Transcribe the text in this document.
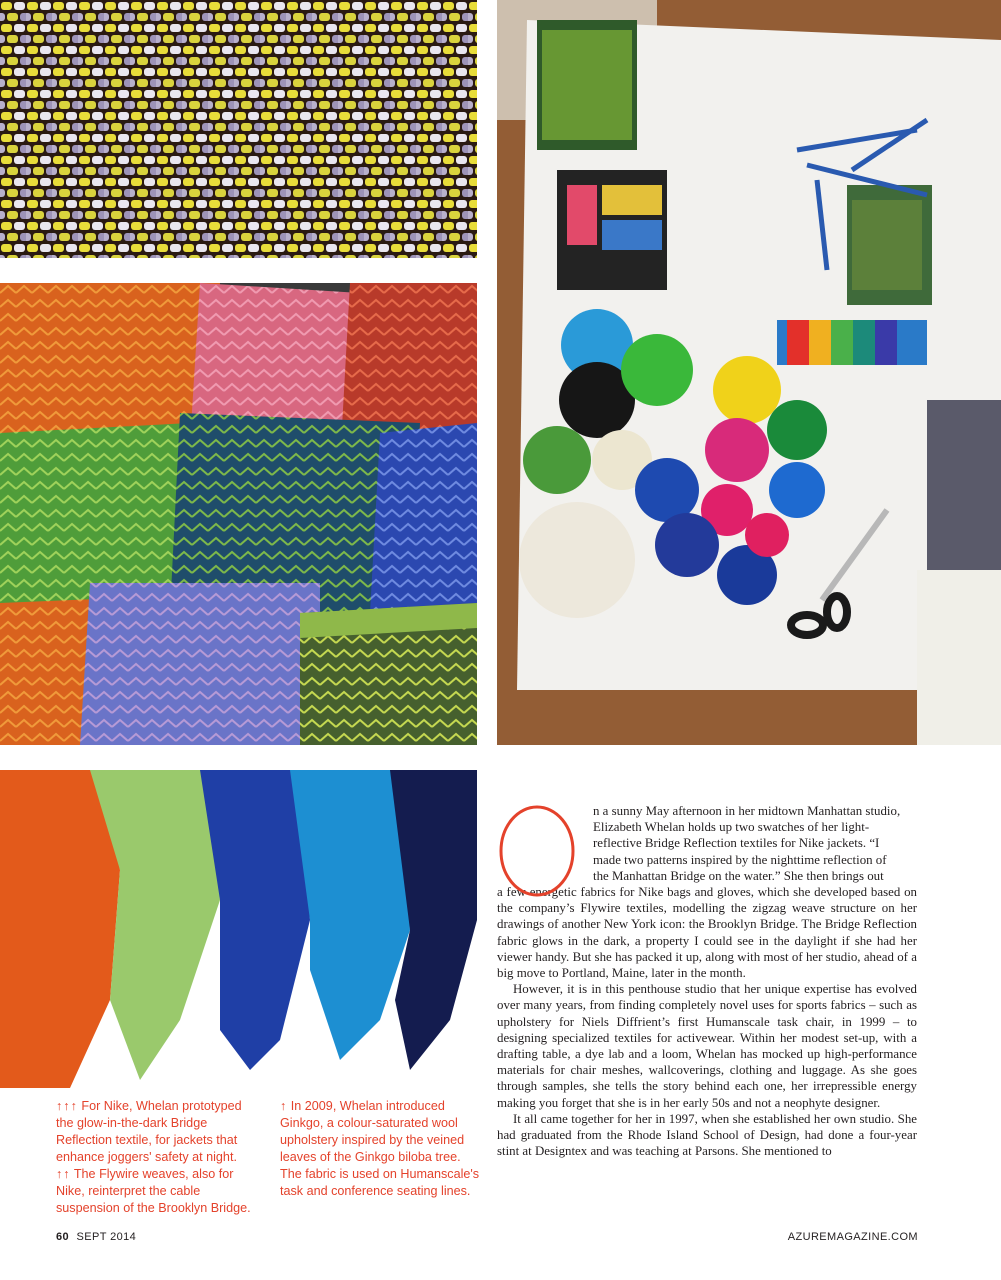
↑↑↑ For Nike, Whelan prototyped the glow-in-the-dark Bridge Reflection textile, for jackets that enhance joggers' safety at night.

↑↑ The Flywire weaves, also for Nike, reinterpret the cable suspension of the Brooklyn Bridge.

↑ In 2009, Whelan introduced Ginkgo, a colour-saturated wool upholstery inspired by the veined leaves of the Ginkgo biloba tree. The fabric is used on Humanscale's task and conference seating lines.

n a sunny May afternoon in her midtown Manhattan studio,
Elizabeth Whelan holds up two swatches of her light-
reflective Bridge Reflection textiles for Nike jackets. “I
made two patterns inspired by the nighttime reflection of
the Manhattan Bridge on the water.” She then brings out
a few energetic fabrics for Nike bags and gloves, which she developed based on the company’s Flywire textiles, modelling the zigzag weave structure on her drawings of another New York icon: the Brooklyn Bridge. The Bridge Reflection fabric glows in the dark, a property I could see in the daylight if she had her viewer handy. But she has packed it up, along with most of her studio, ahead of a big move to Portland, Maine, later in the month.

However, it is in this penthouse studio that her unique expertise has evolved over many years, from finding completely novel uses for sports fabrics – such as upholstery for Niels Diffrient’s first Humanscale task chair, in 1999 – to designing specialized textiles for activewear. Within her modest set-up, with a drafting table, a dye lab and a loom, Whelan has mocked up high-performance materials for chair meshes, wallcoverings, clothing and luggage. As she goes through samples, she tells the story behind each one, her irrepressible energy making you forget that she is in her early 50s and not a neophyte designer.

It all came together for her in 1997, when she established her own studio. She had graduated from the Rhode Island School of Design, had done a four-year stint at Designtex and was teaching at Parsons. She mentioned to

60 SEPT 2014	AZUREMAGAZINE.COM
